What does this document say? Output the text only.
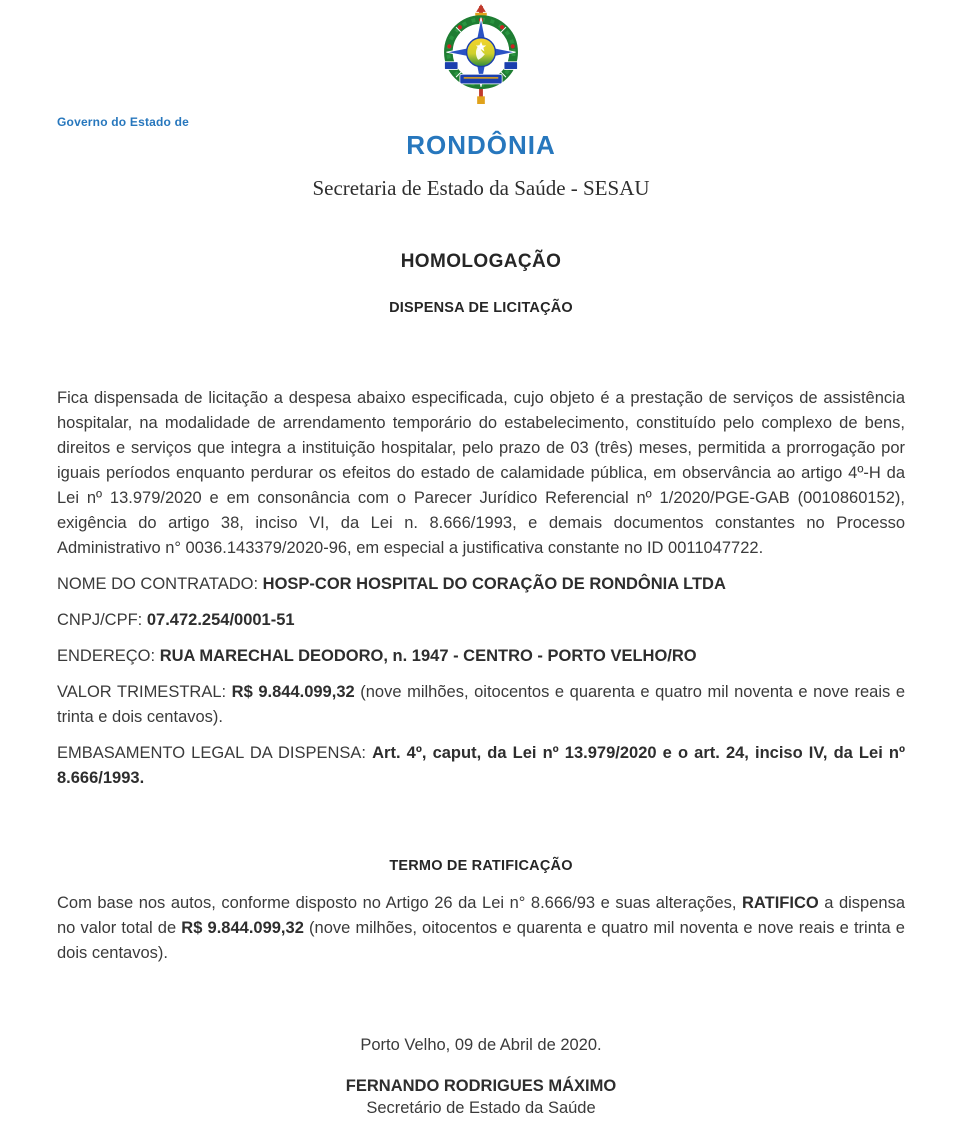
Governo do Estado de
RONDÔNIA
Secretaria de Estado da Saúde - SESAU
HOMOLOGAÇÃO
DISPENSA DE LICITAÇÃO

Fica dispensada de licitação a despesa abaixo especificada, cujo objeto é a prestação de serviços de assistência hospitalar, na modalidade de arrendamento temporário do estabelecimento, constituído pelo complexo de bens, direitos e serviços que integra a instituição hospitalar, pelo prazo de 03 (três) meses, permitida a prorrogação por iguais períodos enquanto perdurar os efeitos do estado de calamidade pública, em observância ao artigo 4º-H da Lei nº 13.979/2020 e em consonância com o Parecer Jurídico Referencial nº 1/2020/PGE-GAB (0010860152), exigência do artigo 38, inciso VI, da Lei n. 8.666/1993, e demais documentos constantes no Processo Administrativo n° 0036.143379/2020-96, em especial a justificativa constante no ID 0011047722.

NOME DO CONTRATADO: HOSP-COR HOSPITAL DO CORAÇÃO DE RONDÔNIA LTDA

CNPJ/CPF: 07.472.254/0001-51

ENDEREÇO: RUA MARECHAL DEODORO, n. 1947 - CENTRO - PORTO VELHO/RO

VALOR TRIMESTRAL: R$ 9.844.099,32 (nove milhões, oitocentos e quarenta e quatro mil noventa e nove reais e trinta e dois centavos).

EMBASAMENTO LEGAL DA DISPENSA: Art. 4º, caput, da Lei nº 13.979/2020 e o art. 24, inciso IV, da Lei nº 8.666/1993.

TERMO DE RATIFICAÇÃO

Com base nos autos, conforme disposto no Artigo 26 da Lei n° 8.666/93 e suas alterações, RATIFICO a dispensa no valor total de R$ 9.844.099,32 (nove milhões, oitocentos e quarenta e quatro mil noventa e nove reais e trinta e dois centavos).

Porto Velho, 09 de Abril de 2020.
FERNANDO RODRIGUES MÁXIMO
Secretário de Estado da Saúde
